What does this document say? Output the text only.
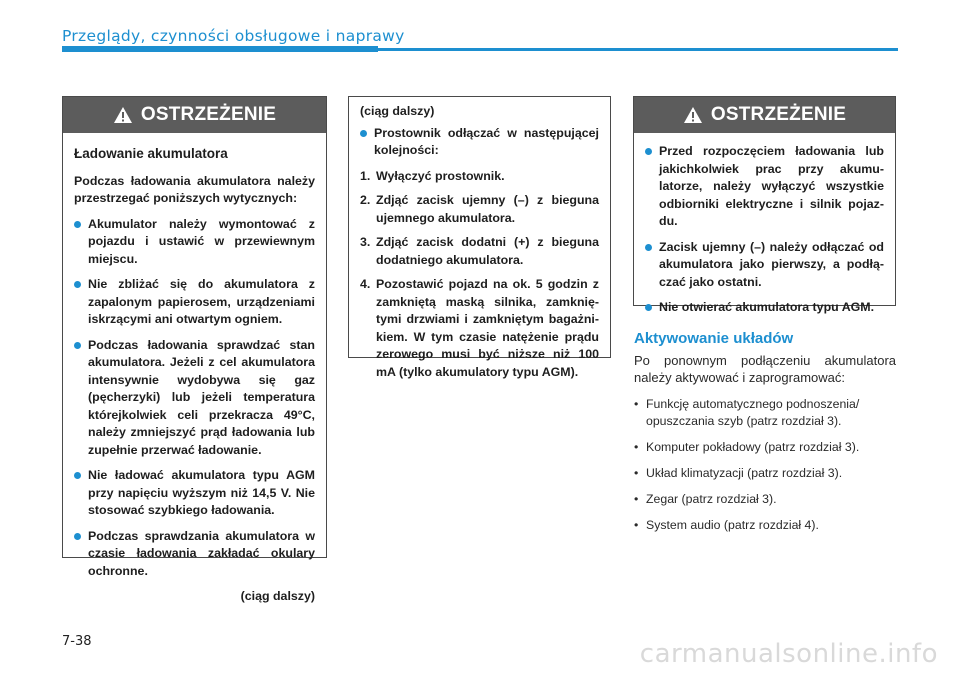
Przeglądy, czynności obsługowe i naprawy
OSTRZEŻENIE
Ładowanie akumulatora

Podczas ładowania akumulatora należy przestrzegać poniższych wytycznych:

Akumulator należy wymontować z pojazdu i ustawić w przewiewnym miejscu.
Nie zbliżać się do akumulatora z zapalonym papierosem, urządzeniami iskrzącymi ani otwartym ogniem.
Podczas ładowania sprawdzać stan akumulatora. Jeżeli z cel akumulatora intensywnie wydobywa się gaz (pęcherzyki) lub jeżeli temperatura którejkolwiek celi przekracza 49°C, należy zmniejszyć prąd ładowania lub zupełnie przerwać ładowanie.
Nie ładować akumulatora typu AGM przy napięciu wyższym niż 14,5 V. Nie stosować szybkiego ładowania.
Podczas sprawdzania akumulatora w czasie ładowania zakładać okulary ochronne.
(ciąg dalszy)

(ciąg dalszy)

Prostownik odłączać w następującej kolejności:
1. Wyłączyć prostownik.
2. Zdjąć zacisk ujemny (–) z bieguna ujemnego akumulatora.
3. Zdjąć zacisk dodatni (+) z bieguna dodatniego akumulatora.
4. Pozostawić pojazd na ok. 5 godzin z zamkniętą maską silnika, zamkniętymi drzwiami i zamkniętym bagażnikiem. W tym czasie natężenie prądu zerowego musi być niższe niż 100 mA (tylko akumulatory typu AGM).
OSTRZEŻENIE
Przed rozpoczęciem ładowania lub jakichkolwiek prac przy akumulatorze, należy wyłączyć wszystkie odbiorniki elektryczne i silnik pojazdu.
Zacisk ujemny (–) należy odłączać od akumulatora jako pierwszy, a podłączać jako ostatni.
Nie otwierać akumulatora typu AGM.
Aktywowanie układów

Po ponownym podłączeniu akumulatora należy aktywować i zaprogramować:

• Funkcję automatycznego podnoszenia/ opuszczania szyb (patrz rozdział 3).
• Komputer pokładowy (patrz rozdział 3).
• Układ klimatyzacji (patrz rozdział 3).
• Zegar (patrz rozdział 3).
• System audio (patrz rozdział 4).
7-38	carmanualsonline.info
